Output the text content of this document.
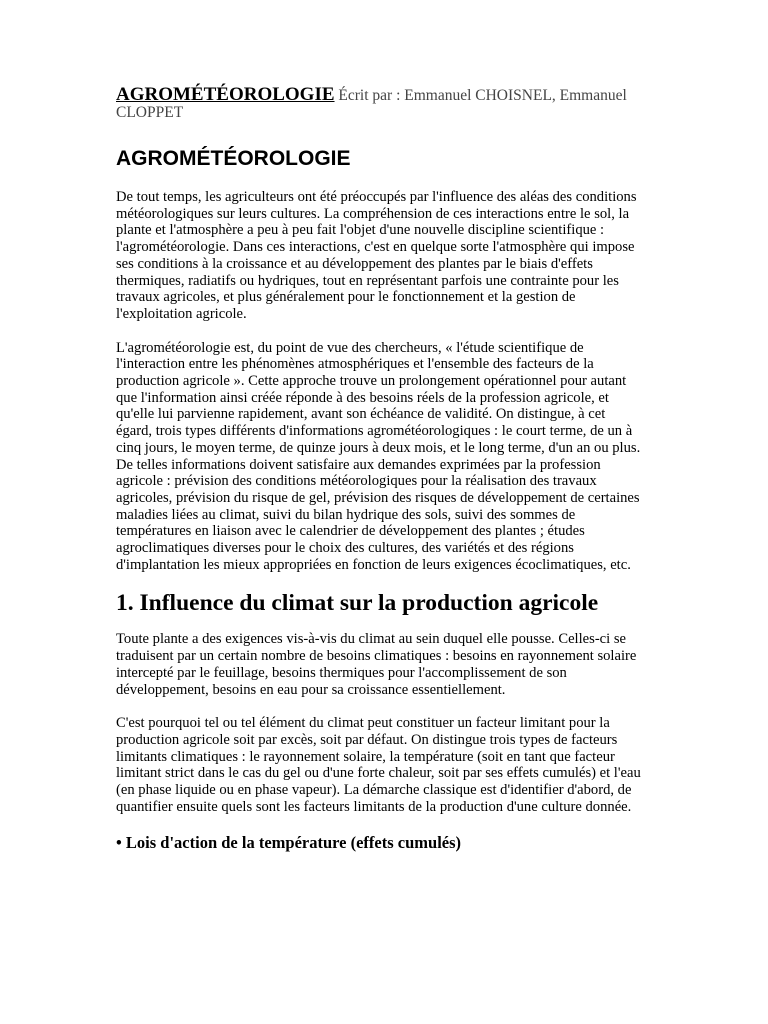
AGROMÉTÉOROLOGIE Écrit par : Emmanuel CHOISNEL, Emmanuel CLOPPET

AGROMÉTÉOROLOGIE

De tout temps, les agriculteurs ont été préoccupés par l'influence des aléas des conditions météorologiques sur leurs cultures. La compréhension de ces interactions entre le sol, la plante et l'atmosphère a peu à peu fait l'objet d'une nouvelle discipline scientifique : l'agrométéorologie. Dans ces interactions, c'est en quelque sorte l'atmosphère qui impose ses conditions à la croissance et au développement des plantes par le biais d'effets thermiques, radiatifs ou hydriques, tout en représentant parfois une contrainte pour les travaux agricoles, et plus généralement pour le fonctionnement et la gestion de l'exploitation agricole.

L'agrométéorologie est, du point de vue des chercheurs, « l'étude scientifique de l'interaction entre les phénomènes atmosphériques et l'ensemble des facteurs de la production agricole ». Cette approche trouve un prolongement opérationnel pour autant que l'information ainsi créée réponde à des besoins réels de la profession agricole, et qu'elle lui parvienne rapidement, avant son échéance de validité. On distingue, à cet égard, trois types différents d'informations agrométéorologiques : le court terme, de un à cinq jours, le moyen terme, de quinze jours à deux mois, et le long terme, d'un an ou plus. De telles informations doivent satisfaire aux demandes exprimées par la profession agricole : prévision des conditions météorologiques pour la réalisation des travaux agricoles, prévision du risque de gel, prévision des risques de développement de certaines maladies liées au climat, suivi du bilan hydrique des sols, suivi des sommes de températures en liaison avec le calendrier de développement des plantes ; études agroclimatiques diverses pour le choix des cultures, des variétés et des régions d'implantation les mieux appropriées en fonction de leurs exigences écoclimatiques, etc.

1. Influence du climat sur la production agricole

Toute plante a des exigences vis-à-vis du climat au sein duquel elle pousse. Celles-ci se traduisent par un certain nombre de besoins climatiques : besoins en rayonnement solaire intercepté par le feuillage, besoins thermiques pour l'accomplissement de son développement, besoins en eau pour sa croissance essentiellement.

C'est pourquoi tel ou tel élément du climat peut constituer un facteur limitant pour la production agricole soit par excès, soit par défaut. On distingue trois types de facteurs limitants climatiques : le rayonnement solaire, la température (soit en tant que facteur limitant strict dans le cas du gel ou d'une forte chaleur, soit par ses effets cumulés) et l'eau (en phase liquide ou en phase vapeur). La démarche classique est d'identifier d'abord, de quantifier ensuite quels sont les facteurs limitants de la production d'une culture donnée.

• Lois d'action de la température (effets cumulés)
